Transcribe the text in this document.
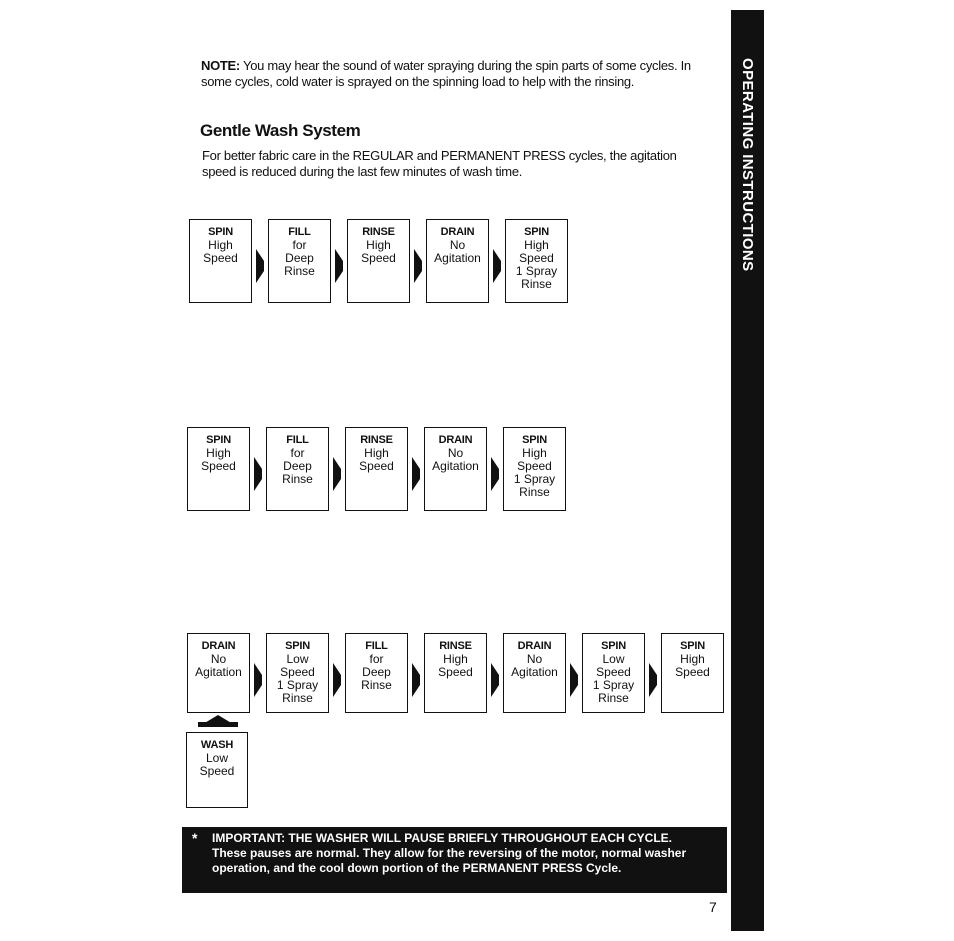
NOTE: You may hear the sound of water spraying during the spin parts of some cycles. In some cycles, cold water is sprayed on the spinning load to help with the rinsing.
Gentle Wash System
For better fabric care in the REGULAR and PERMANENT PRESS cycles, the agitation speed is reduced during the last few minutes of wash time.	OPERATING INSTRUCTIONS
SPIN
High
Speed
FILL
for
Deep
Rinse
RINSE
High
Speed
DRAIN
No
Agitation
SPIN
High
Speed
1 Spray
Rinse
SPIN
High
Speed
FILL
for
Deep
Rinse
RINSE
High
Speed
DRAIN
No
Agitation
SPIN
High
Speed
1 Spray
Rinse
DRAIN
No
Agitation
SPIN
Low
Speed
1 Spray
Rinse
FILL
for
Deep
Rinse
RINSE
High
Speed
DRAIN
No
Agitation
SPIN
Low
Speed
1 Spray
Rinse
SPIN
High
Speed
WASH
Low
Speed
* IMPORTANT: THE WASHER WILL PAUSE BRIEFLY THROUGHOUT EACH CYCLE.
These pauses are normal. They allow for the reversing of the motor, normal washer operation, and the cool down portion of the PERMANENT PRESS Cycle.
7
